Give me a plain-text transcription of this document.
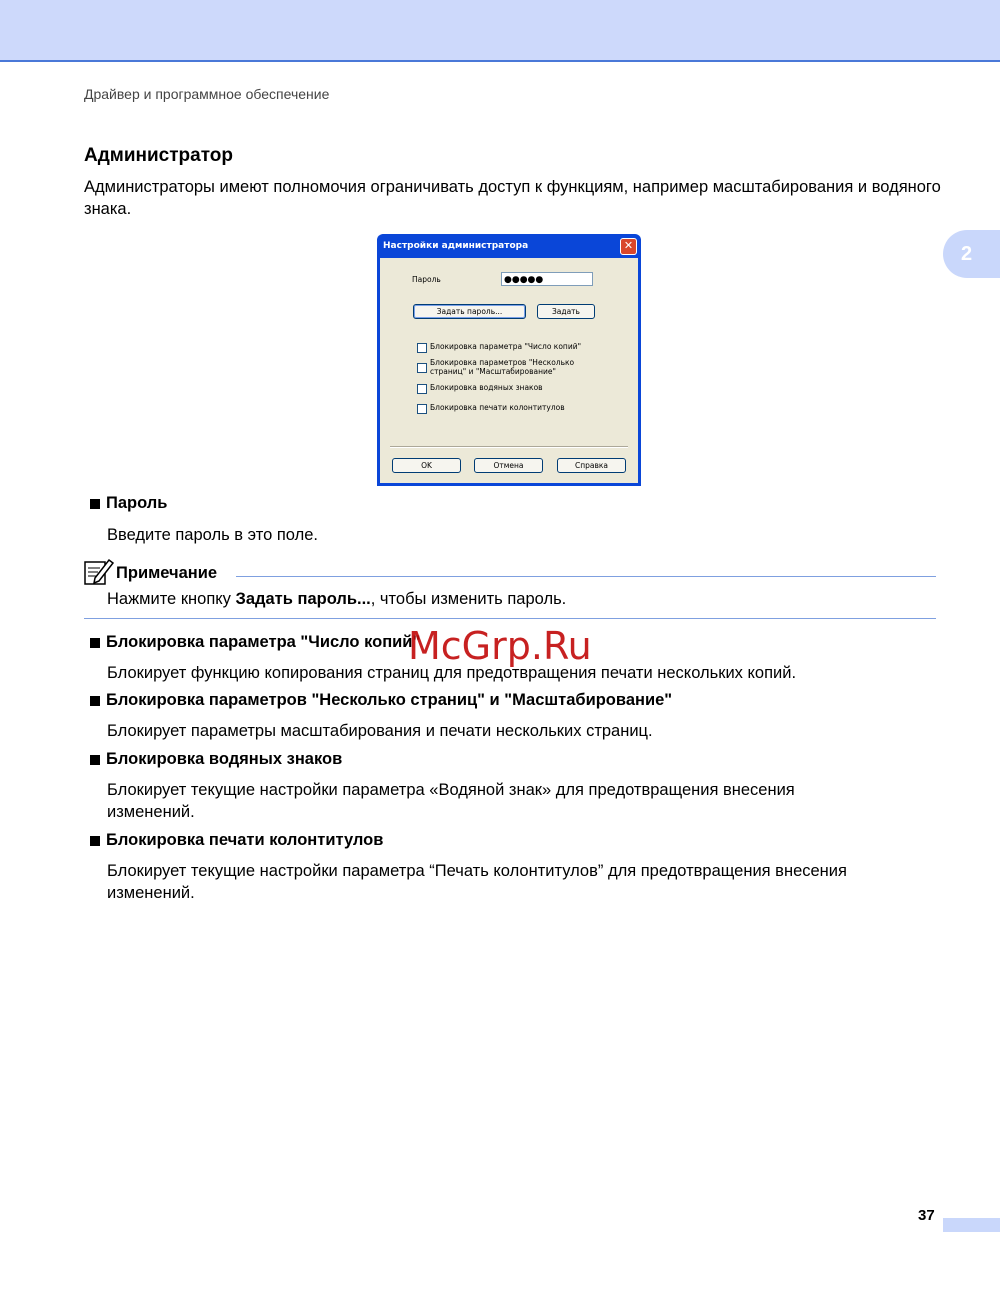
Драйвер и программное обеспечение
2
Администратор
Администраторы имеют полномочия ограничивать доступ к функциям, например масштабирования и водяного знака.
Настройки администратора	✕
Пароль	●●●●●
Задать пароль...	Задать
Блокировка параметра "Число копий"
Блокировка параметров "Несколько страниц" и "Масштабирование"
Блокировка водяных знаков
Блокировка печати колонтитулов
OK	Отмена	Справка
Пароль
Введите пароль в это поле.
Примечание
Нажмите кнопку Задать пароль..., чтобы изменить пароль.
Блокировка параметра "Число копий"
Блокирует функцию копирования страниц для предотвращения печати нескольких копий.
Блокировка параметров "Несколько страниц" и "Масштабирование"
Блокирует параметры масштабирования и печати нескольких страниц.
Блокировка водяных знаков
Блокирует текущие настройки параметра «Водяной знак» для предотвращения внесения изменений.
Блокировка печати колонтитулов
Блокирует текущие настройки параметра “Печать колонтитулов” для предотвращения внесения изменений.
McGrp.Ru
37
